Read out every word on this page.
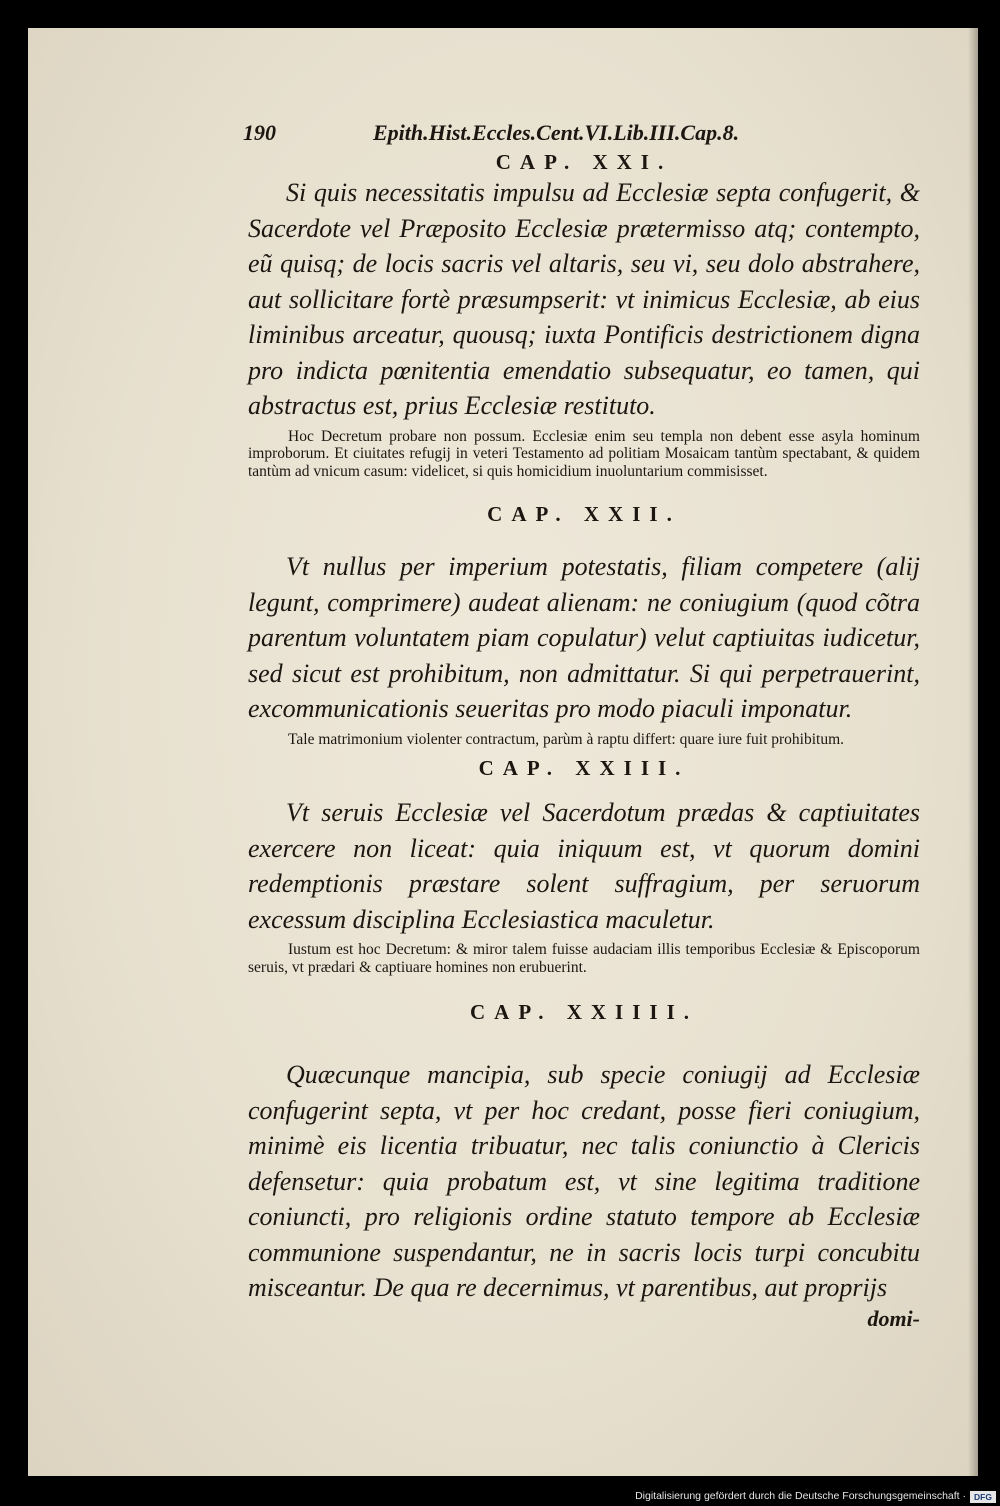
190	Epith.Hist.Eccles.Cent.VI.Lib.III.Cap.8.

CAP. XXI.

Si quis necessitatis impulsu ad Ecclesiæ septa confugerit, & Sacerdote vel Præposito Ecclesiæ prætermisso atq; contempto, eũ quisq; de locis sacris vel altaris, seu vi, seu dolo abstrahere, aut sollicitare fortè præsumpserit: vt inimicus Ecclesiæ, ab eius liminibus arceatur, quousq; iuxta Pontificis destrictionem digna pro indicta pœnitentia emendatio subsequatur, eo tamen, qui abstractus est, prius Ecclesiæ restituto.

Hoc Decretum probare non possum. Ecclesiæ enim seu templa non debent esse asyla hominum improborum. Et ciuitates refugij in veteri Testamento ad politiam Mosaicam tantùm spectabant, & quidem tantùm ad vnicum casum: videlicet, si quis homicidium inuoluntarium commisisset.

CAP. XXII.

Vt nullus per imperium potestatis, filiam competere (alij legunt, comprimere) audeat alienam: ne coniugium (quod cõtra parentum voluntatem piam copulatur) velut captiuitas iudicetur, sed sicut est prohibitum, non admittatur. Si qui perpetrauerint, excommunicationis seueritas pro modo piaculi imponatur.

Tale matrimonium violenter contractum, parùm à raptu differt: quare iure fuit prohibitum.

CAP. XXIII.

Vt seruis Ecclesiæ vel Sacerdotum prædas & captiuitates exercere non liceat: quia iniquum est, vt quorum domini redemptionis præstare solent suffragium, per seruorum excessum disciplina Ecclesiastica maculetur.

Iustum est hoc Decretum: & miror talem fuisse audaciam illis temporibus Ecclesiæ & Episcoporum seruis, vt prædari & captiuare homines non erubuerint.

CAP. XXIIII.

Quæcunque mancipia, sub specie coniugij ad Ecclesiæ confugerint septa, vt per hoc credant, posse fieri coniugium, minimè eis licentia tribuatur, nec talis coniunctio à Clericis defensetur: quia probatum est, vt sine legitima traditione coniuncti, pro religionis ordine statuto tempore ab Ecclesiæ communione suspendantur, ne in sacris locis turpi concubitu misceantur. De qua re decernimus, vt parentibus, aut proprijs

domi-

Digitalisierung gefördert durch die Deutsche Forschungsgemeinschaft · DFG
